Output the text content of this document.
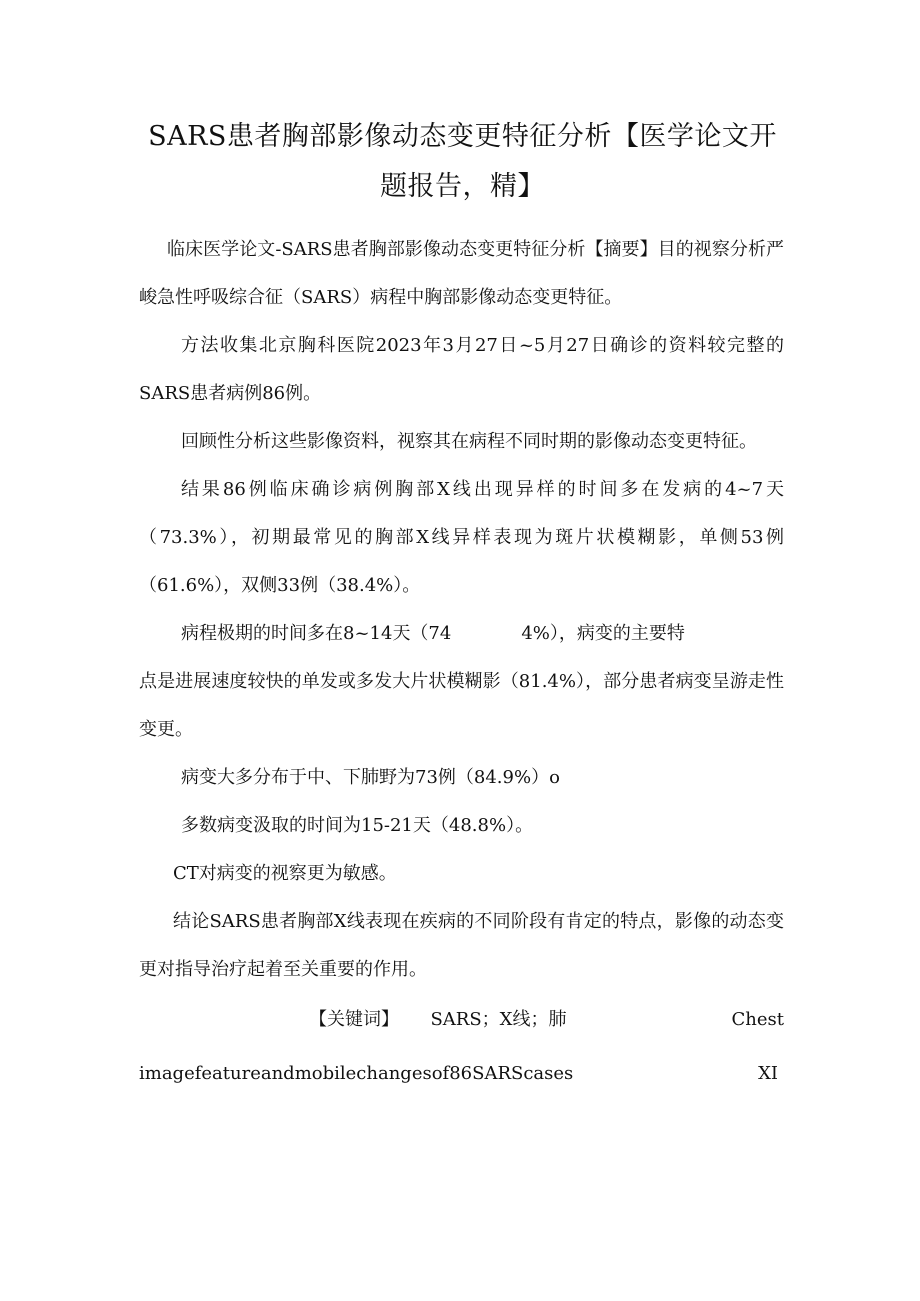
SARS患者胸部影像动态变更特征分析【医学论文开题报告，精】

临床医学论文-SARS患者胸部影像动态变更特征分析【摘要】目的视察分析严峻急性呼吸综合征（SARS）病程中胸部影像动态变更特征。

方法收集北京胸科医院2023年3月27日~5月27日确诊的资料较完整的SARS患者病例86例。

回顾性分析这些影像资料，视察其在病程不同时期的影像动态变更特征。

结果86例临床确诊病例胸部X线出现异样的时间多在发病的4~7天（73.3%），初期最常见的胸部X线异样表现为斑片状模糊影，单侧53例（61.6%），双侧33例（38.4%）。

病程极期的时间多在8~14天（74	4%），病变的主要特

点是进展速度较快的单发或多发大片状模糊影（81.4%），部分患者病变呈游走性变更。

病变大多分布于中、下肺野为73例（84.9%）o

多数病变汲取的时间为15-21天（48.8%）。

CT对病变的视察更为敏感。

结论SARS患者胸部X线表现在疾病的不同阶段有肯定的特点，影像的动态变更对指导治疗起着至关重要的作用。

【关键词】 SARS；X线；肺	Chest
imagefeatureandmobilechangesof86SARScases	XI
